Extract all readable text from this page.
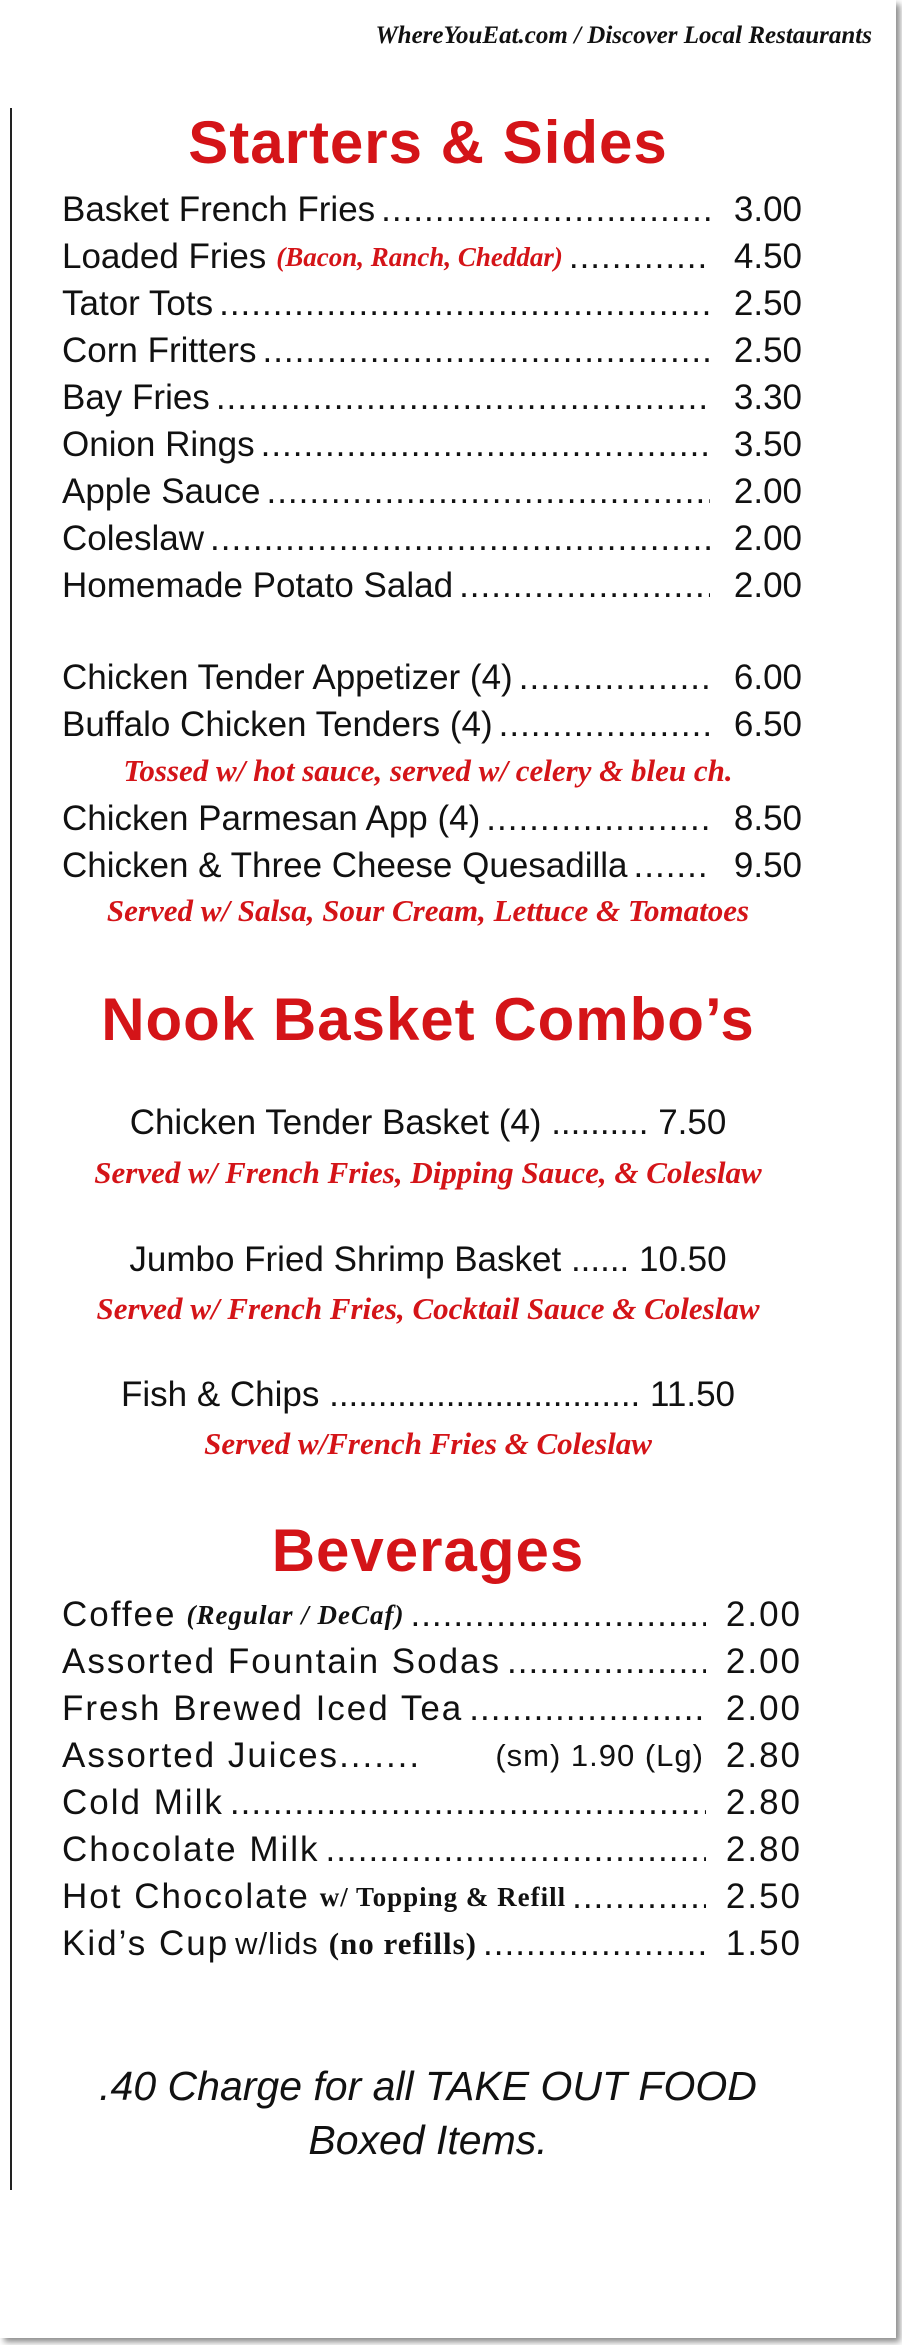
WhereYouEat.com / Discover Local Restaurants
Starters & Sides
Basket French Fries .....	3.00
Loaded Fries (Bacon, Ranch, Cheddar) .....	4.50
Tator Tots .....	2.50
Corn Fritters .....	2.50
Bay Fries .....	3.30
Onion Rings .....	3.50
Apple Sauce .....	2.00
Coleslaw .....	2.00
Homemade Potato Salad .....	2.00
Chicken Tender Appetizer (4) .....	6.00
Buffalo Chicken Tenders (4) .....	6.50
Tossed w/ hot sauce, served w/ celery & bleu ch.
Chicken Parmesan App (4) .....	8.50
Chicken & Three Cheese Quesadilla .....	9.50
Served w/ Salsa, Sour Cream, Lettuce & Tomatoes
Nook Basket Combo’s
Chicken Tender Basket (4) .......... 7.50
Served w/ French Fries, Dipping Sauce, & Coleslaw
Jumbo Fried Shrimp Basket ...... 10.50
Served w/ French Fries, Cocktail Sauce & Coleslaw
Fish & Chips ................................ 11.50
Served w/French Fries & Coleslaw
Beverages
Coffee (Regular / DeCaf) .....	2.00
Assorted Fountain Sodas .....	2.00
Fresh Brewed Iced Tea .....	2.00
Assorted Juices .......	(sm) 1.90 (Lg) 2.80
Cold Milk .....	2.80
Chocolate Milk .....	2.80
Hot Chocolate w/ Topping & Refill .....	2.50
Kid’s Cup w/lids (no refills) .....	1.50
.40 Charge for all TAKE OUT FOOD
Boxed Items.
